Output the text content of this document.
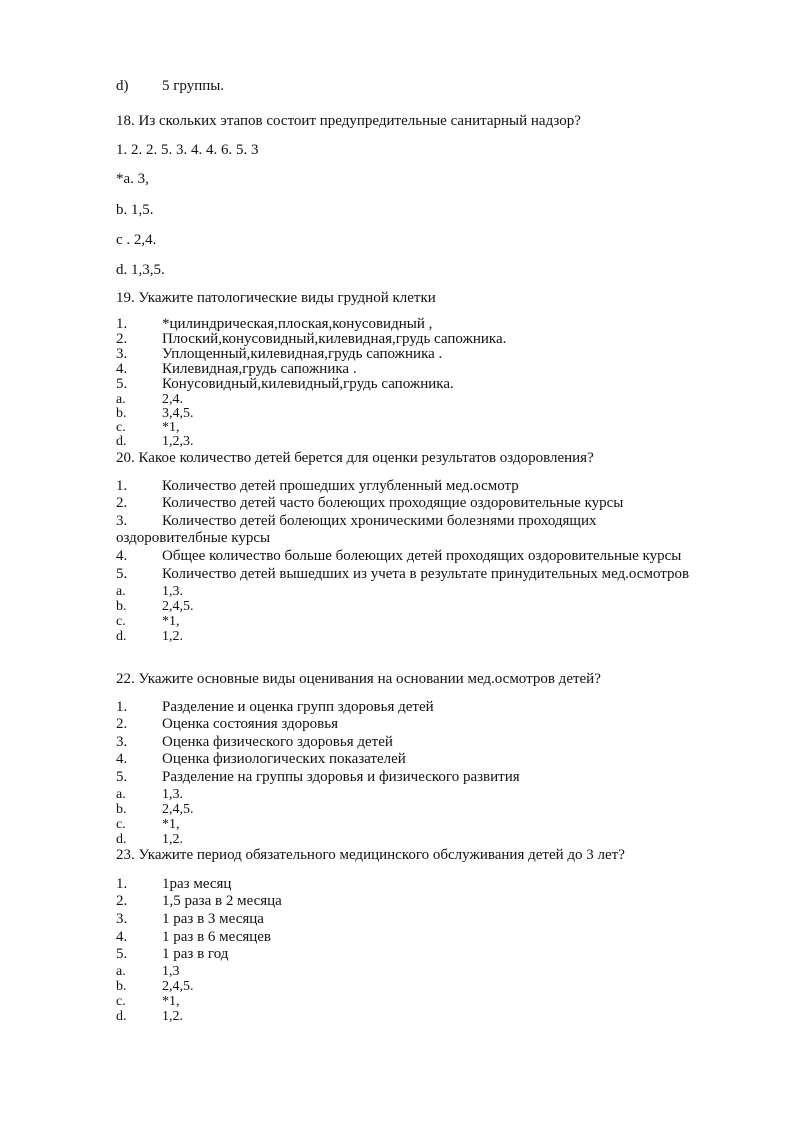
d) 5 группы.
18. Из скольких этапов состоит предупредительные санитарный надзор?
1. 2. 2. 5. 3. 4. 4. 6. 5. 3
*a. 3,
b. 1,5.
c . 2,4.
d. 1,3,5.
19. Укажите патологические виды грудной клетки
1. *цилиндрическая,плоская,конусовидный ,
2. Плоский,конусовидный,килевидная,грудь сапожника.
3. Уплощенный,килевидная,грудь сапожника .
4. Килевидная,грудь сапожника .
5. Конусовидный,килевидный,грудь сапожника.
a.	2,4.
b.	3,4,5.
c.	*1,
d.	1,2,3.
20. Какое количество детей берется для оценки результатов оздоровления?
1. Количество детей прошедших углубленный мед.осмотр
2. Количество детей часто болеющих проходящие оздоровительные курсы
3. Количество детей болеющих хроническими болезнями проходящих
оздоровителбные курсы
4. Общее количество больше болеющих детей проходящих оздоровительные курсы
5. Количество детей вышедших из учета в результате принудительных мед.осмотров
a.	1,3.
b.	2,4,5.
c.	*1,
d.	1,2.
22. Укажите основные виды оценивания на основании мед.осмотров детей?
1. Разделение и оценка групп здоровья детей
2. Оценка состояния здоровья
3. Оценка физического здоровья детей
4. Оценка физиологических показателей
5. Разделение на группы здоровья и физического развития
a.	1,3.
b.	2,4,5.
c.	*1,
d.	1,2.
23. Укажите период обязательного медицинского обслуживания детей до 3 лет?
1. 1раз месяц
2. 1,5 раза в 2 месяца
3. 1 раз в 3 месяца
4. 1 раз в 6 месяцев
5. 1 раз в год
a.	1,3
b.	2,4,5.
c.	*1,
d.	1,2.
